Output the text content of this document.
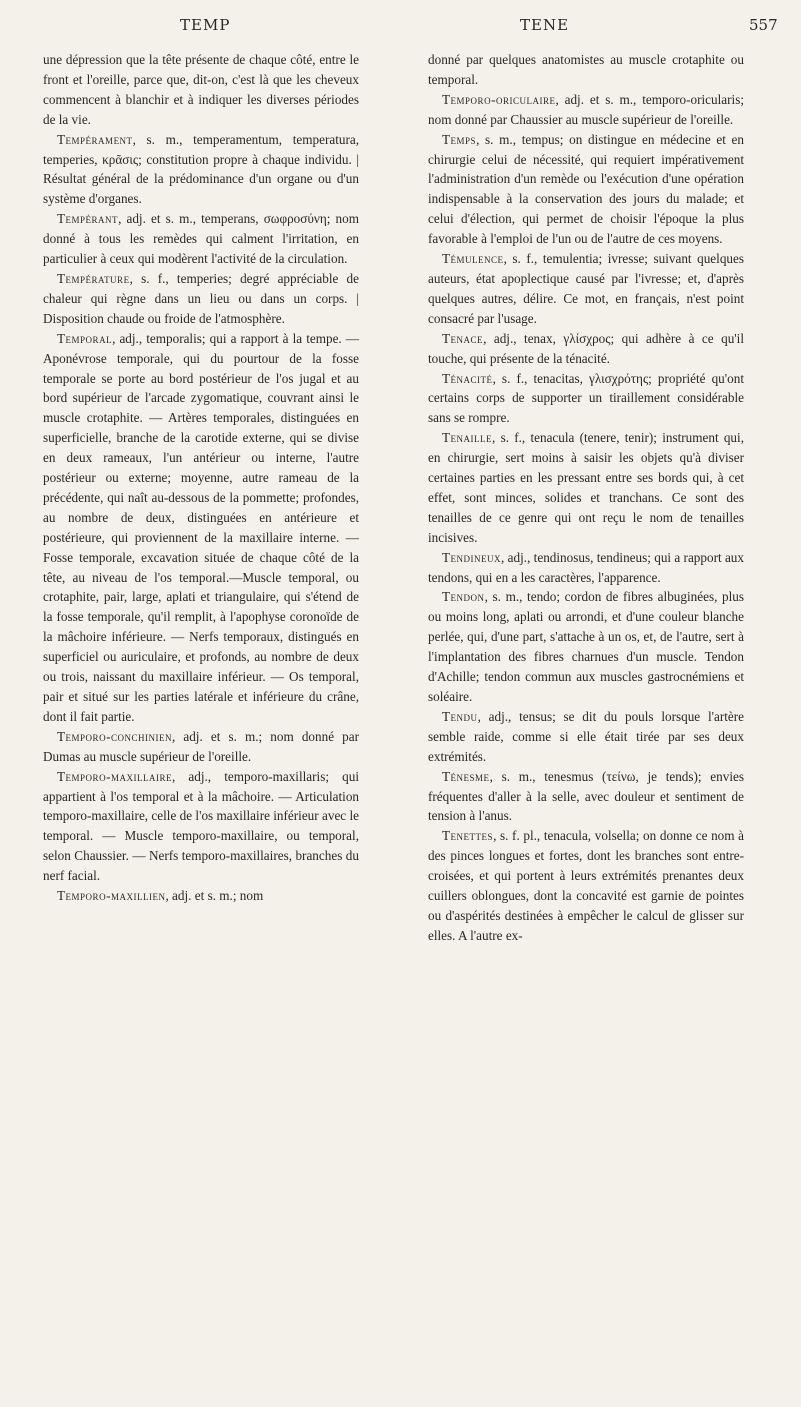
TEMP	TENE	557

une dépression que la tête présente de chaque côté, entre le front et l'oreille, parce que, dit-on, c'est là que les cheveux commencent à blanchir et à indiquer les diverses périodes de la vie.

Tempérament, s. m., temperamentum, temperatura, temperies, κρᾶσις; constitution propre à chaque individu. | Résultat général de la prédominance d'un organe ou d'un système d'organes.

Tempérant, adj. et s. m., temperans, σωφροσύνη; nom donné à tous les remèdes qui calment l'irritation, en particulier à ceux qui modèrent l'activité de la circulation.

Température, s. f., temperies; degré appréciable de chaleur qui règne dans un lieu ou dans un corps. | Disposition chaude ou froide de l'atmosphère.

Temporal, adj., temporalis; qui a rapport à la tempe. — Aponévrose temporale, qui du pourtour de la fosse temporale se porte au bord postérieur de l'os jugal et au bord supérieur de l'arcade zygomatique, couvrant ainsi le muscle crotaphite. — Artères temporales, distinguées en superficielle, branche de la carotide externe, qui se divise en deux rameaux, l'un antérieur ou interne, l'autre postérieur ou externe; moyenne, autre rameau de la précédente, qui naît au-dessous de la pommette; profondes, au nombre de deux, distinguées en antérieure et postérieure, qui proviennent de la maxillaire interne. — Fosse temporale, excavation située de chaque côté de la tête, au niveau de l'os temporal.—Muscle temporal, ou crotaphite, pair, large, aplati et triangulaire, qui s'étend de la fosse temporale, qu'il remplit, à l'apophyse coronoïde de la mâchoire inférieure. — Nerfs temporaux, distingués en superficiel ou auriculaire, et profonds, au nombre de deux ou trois, naissant du maxillaire inférieur. — Os temporal, pair et situé sur les parties latérale et inférieure du crâne, dont il fait partie.

Temporo-conchinien, adj. et s. m.; nom donné par Dumas au muscle supérieur de l'oreille.

Temporo-maxillaire, adj., temporo-maxillaris; qui appartient à l'os temporal et à la mâchoire. — Articulation temporo-maxillaire, celle de l'os maxillaire inférieur avec le temporal. — Muscle temporo-maxillaire, ou temporal, selon Chaussier. — Nerfs temporo-maxillaires, branches du nerf facial.

Temporo-maxillien, adj. et s. m.; nom

donné par quelques anatomistes au muscle crotaphite ou temporal.

Temporo-oriculaire, adj. et s. m., temporo-oricularis; nom donné par Chaussier au muscle supérieur de l'oreille.

Temps, s. m., tempus; on distingue en médecine et en chirurgie celui de nécessité, qui requiert impérativement l'administration d'un remède ou l'exécution d'une opération indispensable à la conservation des jours du malade; et celui d'élection, qui permet de choisir l'époque la plus favorable à l'emploi de l'un ou de l'autre de ces moyens.

Témulence, s. f., temulentia; ivresse; suivant quelques auteurs, état apoplectique causé par l'ivresse; et, d'après quelques autres, délire. Ce mot, en français, n'est point consacré par l'usage.

Tenace, adj., tenax, γλίσχρος; qui adhère à ce qu'il touche, qui présente de la ténacité.

Ténacité, s. f., tenacitas, γλισχρότης; propriété qu'ont certains corps de supporter un tiraillement considérable sans se rompre.

Tenaille, s. f., tenacula (tenere, tenir); instrument qui, en chirurgie, sert moins à saisir les objets qu'à diviser certaines parties en les pressant entre ses bords qui, à cet effet, sont minces, solides et tranchans. Ce sont des tenailles de ce genre qui ont reçu le nom de tenailles incisives.

Tendineux, adj., tendinosus, tendineus; qui a rapport aux tendons, qui en a les caractères, l'apparence.

Tendon, s. m., tendo; cordon de fibres albuginées, plus ou moins long, aplati ou arrondi, et d'une couleur blanche perlée, qui, d'une part, s'attache à un os, et, de l'autre, sert à l'implantation des fibres charnues d'un muscle. Tendon d'Achille; tendon commun aux muscles gastrocnémiens et soléaire.

Tendu, adj., tensus; se dit du pouls lorsque l'artère semble raide, comme si elle était tirée par ses deux extrémités.

Ténesme, s. m., tenesmus (τείνω, je tends); envies fréquentes d'aller à la selle, avec douleur et sentiment de tension à l'anus.

Tenettes, s. f. pl., tenacula, volsella; on donne ce nom à des pinces longues et fortes, dont les branches sont entre-croisées, et qui portent à leurs extrémités prenantes deux cuillers oblongues, dont la concavité est garnie de pointes ou d'aspérités destinées à empêcher le calcul de glisser sur elles. A l'autre ex-
